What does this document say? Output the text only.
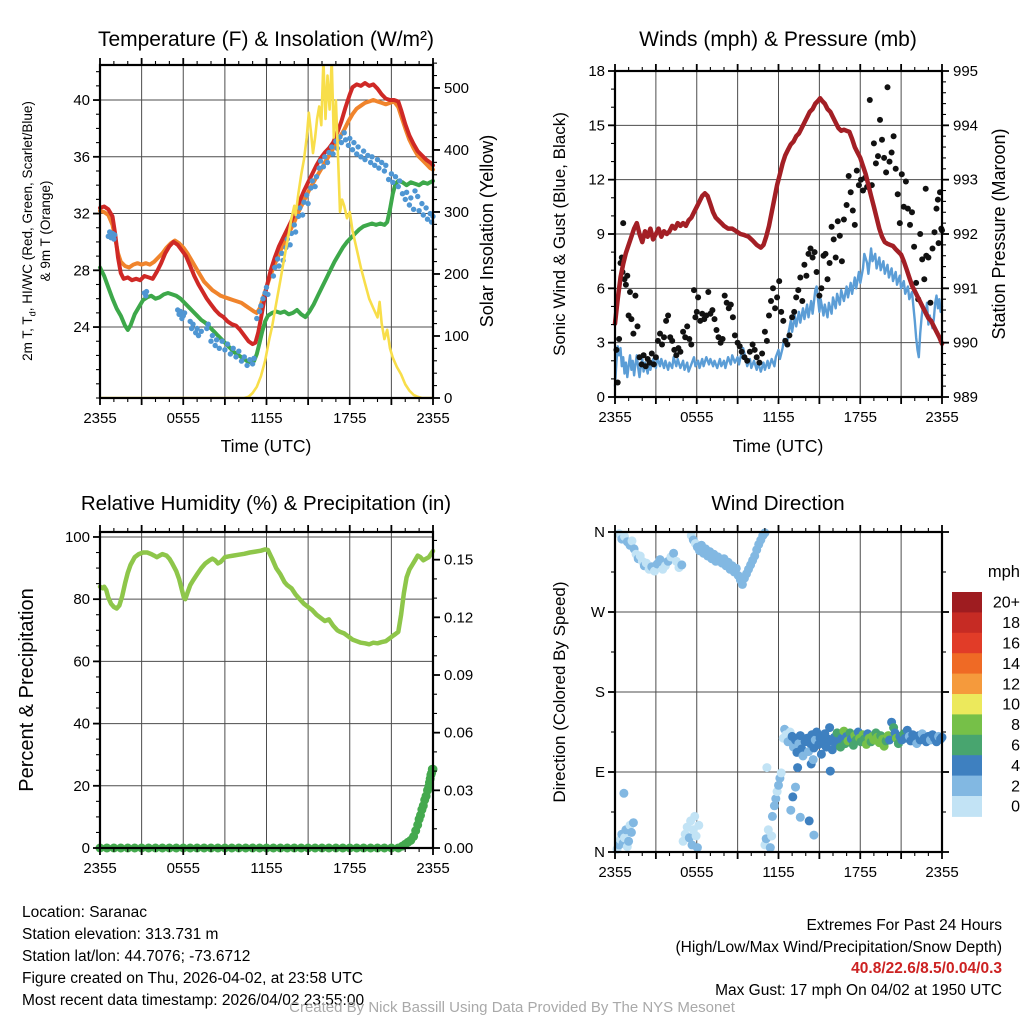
2355	0555	1155	1755	2355
24
28
32
36
40
0
100
200
300
400
500
2355	0555	1155	1755	2355
0
3
6
9
12
15
18
989
990
991
992
993
994
995
2355	0555	1155	1755	2355
0
20
40
60
80
100
0.00
0.03
0.06
0.09
0.12
0.15
2355	0555	1155	1755	2355
N
E
S
W
N
20+
18
16
14
12
10
8
6
4
2
0
Temperature (F) & Insolation (W/m²)	Winds (mph) & Pressure (mb)
Relative Humidity (%) & Precipitation (in)	Wind Direction
2m T, $T_d$, HI/WC (Red, Green, Scarlet/Blue) & 9m T (Orange)	Solar Insolation (Yellow)	Sonic Wind & Gust (Blue, Black)	Station Pressure (Maroon)
Percent & Precipitation	Direction (Colored By Speed)
Time (UTC)	Time (UTC)
mph
Location: Saranac
Station elevation: 313.731 m
Station lat/lon: 44.7076; -73.6712
Figure created on Thu, 2026-04-02, at 23:58 UTC
Most recent data timestamp: 2026/04/02 23:55:00
Extremes For Past 24 Hours
(High/Low/Max Wind/Precipitation/Snow Depth)
40.8/22.6/8.5/0.04/0.3
Max Gust: 17 mph On 04/02 at 1950 UTC
Created By Nick Bassill Using Data Provided By The NYS Mesonet
